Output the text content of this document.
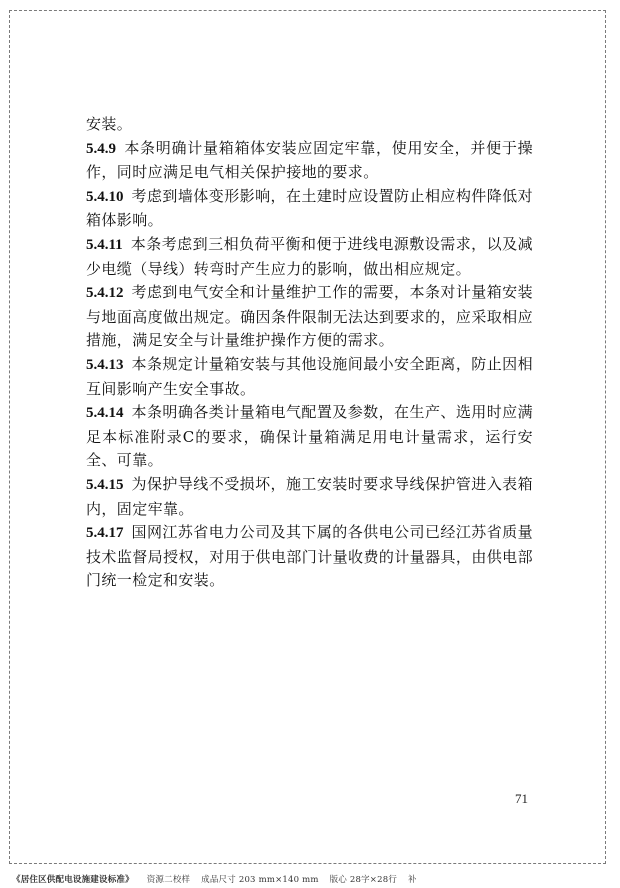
安装。

5.4.9 本条明确计量箱箱体安装应固定牢靠，使用安全，并便于操作，同时应满足电气相关保护接地的要求。

5.4.10 考虑到墙体变形影响，在土建时应设置防止相应构件降低对箱体影响。

5.4.11 本条考虑到三相负荷平衡和便于进线电源敷设需求，以及减少电缆（导线）转弯时产生应力的影响，做出相应规定。

5.4.12 考虑到电气安全和计量维护工作的需要，本条对计量箱安装与地面高度做出规定。确因条件限制无法达到要求的，应采取相应措施，满足安全与计量维护操作方便的需求。

5.4.13 本条规定计量箱安装与其他设施间最小安全距离，防止因相互间影响产生安全事故。

5.4.14 本条明确各类计量箱电气配置及参数，在生产、选用时应满足本标准附录C的要求，确保计量箱满足用电计量需求，运行安全、可靠。

5.4.15 为保护导线不受损坏，施工安装时要求导线保护管进入表箱内，固定牢靠。

5.4.17 国网江苏省电力公司及其下属的各供电公司已经江苏省质量技术监督局授权，对用于供电部门计量收费的计量器具，由供电部门统一检定和安装。

71
《居住区供配电设施建设标准》 资源二校样 成品尺寸 203 mm×140 mm 版心 28字×28行 补
